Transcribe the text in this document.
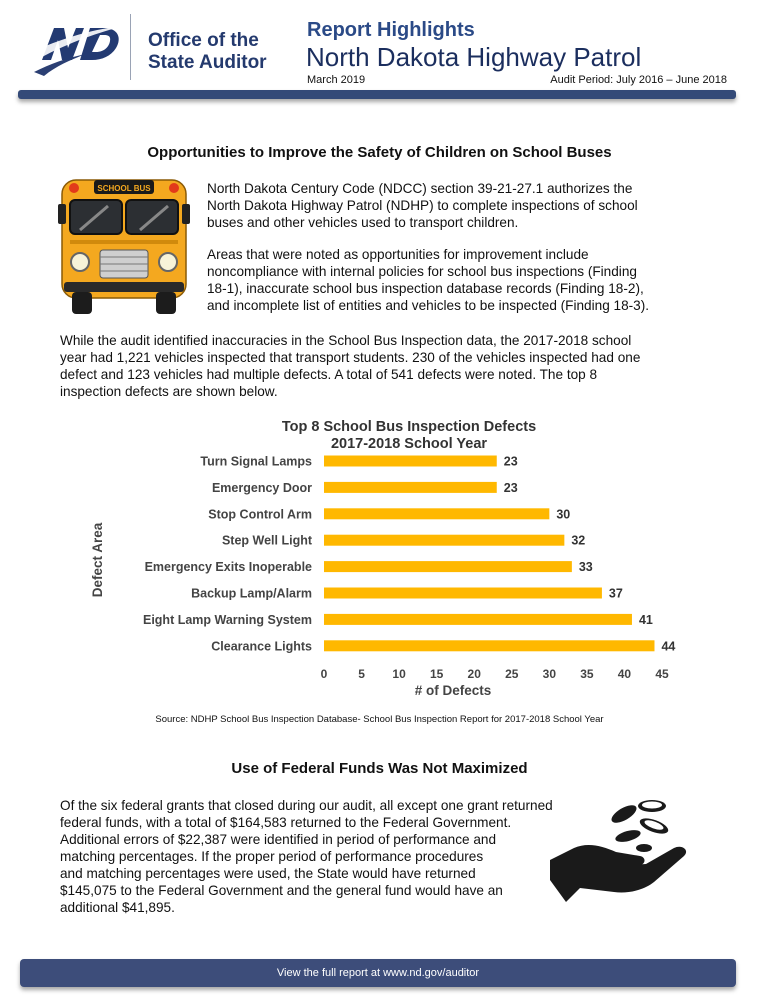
Office of the
State Auditor
Report Highlights
North Dakota Highway Patrol
March 2019	Audit Period: July 2016 – June 2018
Opportunities to Improve the Safety of Children on School Buses
SCHOOL BUS	North Dakota Century Code (NDCC) section 39-21-27.1 authorizes the
North Dakota Highway Patrol (NDHP) to complete inspections of school
buses and other vehicles used to transport children.
Areas that were noted as opportunities for improvement include
noncompliance with internal policies for school bus inspections (Finding
18-1), inaccurate school bus inspection database records (Finding 18-2),
and incomplete list of entities and vehicles to be inspected (Finding 18-3).
While the audit identified inaccuracies in the School Bus Inspection data, the 2017-2018 school
year had 1,221 vehicles inspected that transport students. 230 of the vehicles inspected had one
defect and 123 vehicles had multiple defects. A total of 541 defects were noted. The top 8
inspection defects are shown below.
Top 8 School Bus Inspection Defects
2017-2018 School Year
Turn Signal Lamps	23
Emergency Door	23
Stop Control Arm	30
Step Well Light	32
Emergency Exits Inoperable	33
Backup Lamp/Alarm	37
Eight Lamp Warning System	41
Clearance Lights	44
0	5 10 15 20 25 30 35 40 45
# of Defects
Defect Area
Source: NDHP School Bus Inspection Database- School Bus Inspection Report for 2017-2018 School Year
Use of Federal Funds Was Not Maximized
Of the six federal grants that closed during our audit, all except one grant returned
federal funds, with a total of $164,583 returned to the Federal Government.
Additional errors of $22,387 were identified in period of performance and
matching percentages. If the proper period of performance procedures
and matching percentages were used, the State would have returned
$145,075 to the Federal Government and the general fund would have an
additional $41,895.
View the full report at www.nd.gov/auditor
